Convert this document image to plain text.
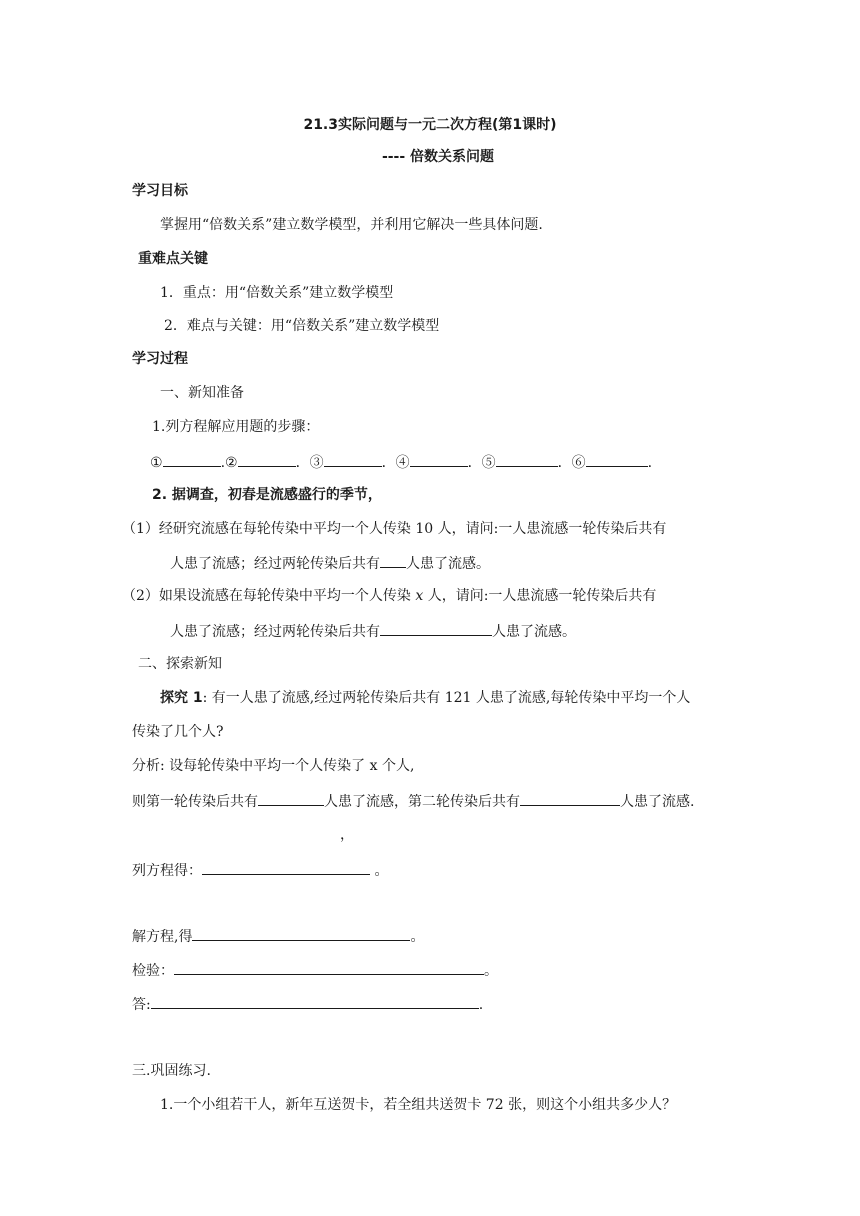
21.3实际问题与一元二次方程(第1课时)
---- 倍数关系问题
学习目标
掌握用“倍数关系”建立数学模型，并利用它解决一些具体问题.
重难点关键
1．重点：用“倍数关系”建立数学模型
2．难点与关键：用“倍数关系”建立数学模型
学习过程
一、新知准备
1.列方程解应用题的步骤：
①	.②	．③	．④	．⑤	．⑥	.
2. 据调查，初春是流感盛行的季节，
（1）经研究流感在每轮传染中平均一个人传染 10 人，请问:一人患流感一轮传染后共有
人患了流感；经过两轮传染后共有 人患了流感。
（2）如果设流感在每轮传染中平均一个人传染 x 人，请问:一人患流感一轮传染后共有
人患了流感；经过两轮传染后共有	人患了流感。
二、探索新知
探究 1: 有一人患了流感,经过两轮传染后共有 121 人患了流感,每轮传染中平均一个人
传染了几个人?
分析: 设每轮传染中平均一个人传染了 x 个人,
则第一轮传染后共有	人患了流感，第二轮传染后共有	人患了流感.
，
列方程得：	。
解方程,得	。
检验：	。
答:	.
三.巩固练习.
1.一个小组若干人，新年互送贺卡，若全组共送贺卡 72 张，则这个小组共多少人？
